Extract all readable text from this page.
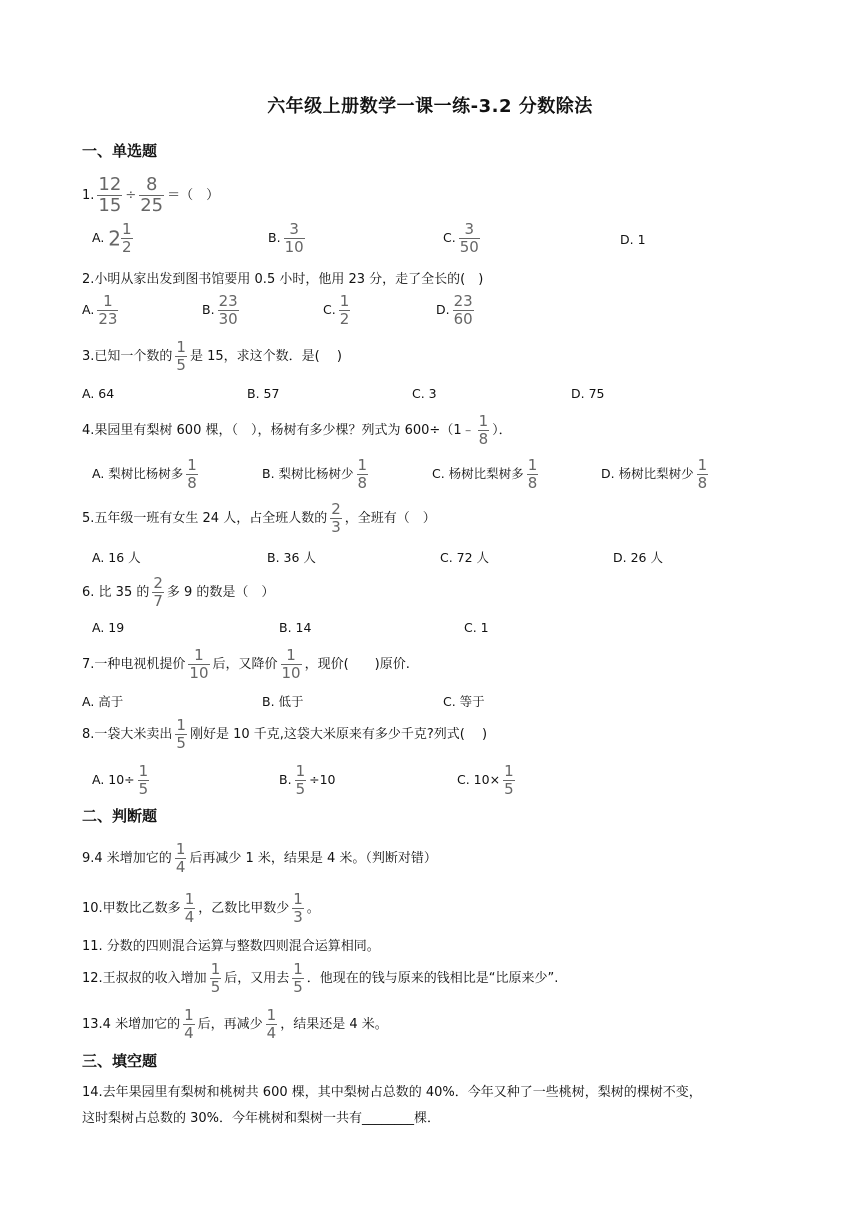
六年级上册数学一课一练-3.2 分数除法
一、单选题
1. $\frac{12}{15} \div \frac{8}{25}$ ＝（　）
A. $2 \frac{1}{2}$	B. $\frac{3}{10}$	C. $\frac{3}{50}$	D. 1
2.小明从家出发到图书馆要用 0.5 小时，他用 23 分，走了全长的(　)
A. $\frac{1}{23}$	B. $\frac{23}{30}$	C. $\frac{1}{2}$	D. $\frac{23}{60}$
3.已知一个数的 $\frac{1}{5}$ 是 15，求这个数．是(　 )
A. 64	B. 57	C. 3	D. 75
4.果园里有梨树 600 棵，（　），杨树有多少棵？列式为 600÷（1﹣ $\frac{1}{8}$ ）．
A. 梨树比杨树多 $\frac{1}{8}$	B. 梨树比杨树少 $\frac{1}{8}$	C. 杨树比梨树多 $\frac{1}{8}$	D. 杨树比梨树少 $\frac{1}{8}$
5.五年级一班有女生 24 人，占全班人数的 $\frac{2}{3}$ ，全班有（　）
A. 16 人	B. 36 人	C. 72 人	D. 26 人
6. 比 35 的 $\frac{2}{7}$ 多 9 的数是（　）
A. 19	B. 14	C. 1
7.一种电视机提价 $\frac{1}{10}$ 后，又降价 $\frac{1}{10}$ ，现价(　　)原价.
A. 高于	B. 低于	C. 等于
8.一袋大米卖出 $\frac{1}{5}$ 刚好是 10 千克,这袋大米原来有多少千克?列式(　 )
A. $10\div \frac{1}{5}$	B. $\frac{1}{5} \div 10$	C. $10\times \frac{1}{5}$
二、判断题
9.4 米增加它的 $\frac{1}{4}$ 后再减少 1 米，结果是 4 米。（判断对错）
10.甲数比乙数多 $\frac{1}{4}$ ，乙数比甲数少 $\frac{1}{3}$ 。
11. 分数的四则混合运算与整数四则混合运算相同。
12.王叔叔的收入增加 $\frac{1}{5}$ 后，又用去 $\frac{1}{5}$ ．他现在的钱与原来的钱相比是“比原来少”.
13.4 米增加它的 $\frac{1}{4}$ 后，再减少 $\frac{1}{4}$ ，结果还是 4 米。
三、填空题
14.去年果园里有梨树和桃树共 600 棵，其中梨树占总数的 40%．今年又种了一些桃树，梨树的棵树不变，
这时梨树占总数的 30%．今年桃树和梨树一共有________棵．
